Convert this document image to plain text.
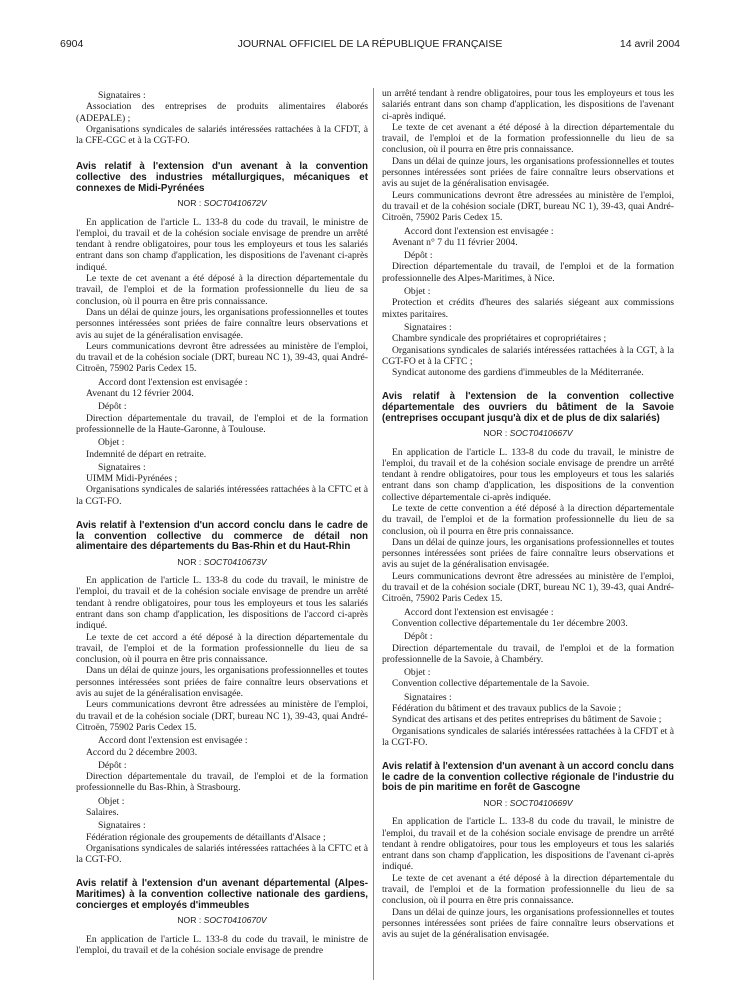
6904	JOURNAL OFFICIEL DE LA RÉPUBLIQUE FRANÇAISE	14 avril 2004

Signataires :

Association des entreprises de produits alimentaires élaborés (ADEPALE) ;

Organisations syndicales de salariés intéressées rattachées à la CFDT, à la CFE-CGC et à la CGT-FO.

Avis relatif à l'extension d'un avenant à la convention collective des industries métallurgiques, mécaniques et connexes de Midi-Pyrénées
NOR : SOCT0410672V

En application de l'article L. 133-8 du code du travail, le ministre de l'emploi, du travail et de la cohésion sociale envisage de prendre un arrêté tendant à rendre obligatoires, pour tous les employeurs et tous les salariés entrant dans son champ d'application, les dispositions de l'avenant ci-après indiqué.

Le texte de cet avenant a été déposé à la direction départementale du travail, de l'emploi et de la formation professionnelle du lieu de sa conclusion, où il pourra en être pris connaissance.

Dans un délai de quinze jours, les organisations professionnelles et toutes personnes intéressées sont priées de faire connaître leurs observations et avis au sujet de la généralisation envisagée.

Leurs communications devront être adressées au ministère de l'emploi, du travail et de la cohésion sociale (DRT, bureau NC 1), 39-43, quai André-Citroën, 75902 Paris Cedex 15.

Accord dont l'extension est envisagée :

Avenant du 12 février 2004.

Dépôt :

Direction départementale du travail, de l'emploi et de la formation professionnelle de la Haute-Garonne, à Toulouse.

Objet :

Indemnité de départ en retraite.

Signataires :

UIMM Midi-Pyrénées ;

Organisations syndicales de salariés intéressées rattachées à la CFTC et à la CGT-FO.

Avis relatif à l'extension d'un accord conclu dans le cadre de la convention collective du commerce de détail non alimentaire des départements du Bas-Rhin et du Haut-Rhin
NOR : SOCT0410673V

En application de l'article L. 133-8 du code du travail, le ministre de l'emploi, du travail et de la cohésion sociale envisage de prendre un arrêté tendant à rendre obligatoires, pour tous les employeurs et tous les salariés entrant dans son champ d'application, les dispositions de l'accord ci-après indiqué.

Le texte de cet accord a été déposé à la direction départementale du travail, de l'emploi et de la formation professionnelle du lieu de sa conclusion, où il pourra en être pris connaissance.

Dans un délai de quinze jours, les organisations professionnelles et toutes personnes intéressées sont priées de faire connaître leurs observations et avis au sujet de la généralisation envisagée.

Leurs communications devront être adressées au ministère de l'emploi, du travail et de la cohésion sociale (DRT, bureau NC 1), 39-43, quai André-Citroën, 75902 Paris Cedex 15.

Accord dont l'extension est envisagée :

Accord du 2 décembre 2003.

Dépôt :

Direction départementale du travail, de l'emploi et de la formation professionnelle du Bas-Rhin, à Strasbourg.

Objet :

Salaires.

Signataires :

Fédération régionale des groupements de détaillants d'Alsace ;

Organisations syndicales de salariés intéressées rattachées à la CFTC et à la CGT-FO.

Avis relatif à l'extension d'un avenant départemental (Alpes-Maritimes) à la convention collective nationale des gardiens, concierges et employés d'immeubles
NOR : SOCT0410670V

En application de l'article L. 133-8 du code du travail, le ministre de l'emploi, du travail et de la cohésion sociale envisage de prendre

un arrêté tendant à rendre obligatoires, pour tous les employeurs et tous les salariés entrant dans son champ d'application, les dispositions de l'avenant ci-après indiqué.

Le texte de cet avenant a été déposé à la direction départementale du travail, de l'emploi et de la formation professionnelle du lieu de sa conclusion, où il pourra en être pris connaissance.

Dans un délai de quinze jours, les organisations professionnelles et toutes personnes intéressées sont priées de faire connaître leurs observations et avis au sujet de la généralisation envisagée.

Leurs communications devront être adressées au ministère de l'emploi, du travail et de la cohésion sociale (DRT, bureau NC 1), 39-43, quai André-Citroën, 75902 Paris Cedex 15.

Accord dont l'extension est envisagée :

Avenant n° 7 du 11 février 2004.

Dépôt :

Direction départementale du travail, de l'emploi et de la formation professionnelle des Alpes-Maritimes, à Nice.

Objet :

Protection et crédits d'heures des salariés siégeant aux commissions mixtes paritaires.

Signataires :

Chambre syndicale des propriétaires et copropriétaires ;

Organisations syndicales de salariés intéressées rattachées à la CGT, à la CGT-FO et à la CFTC ;

Syndicat autonome des gardiens d'immeubles de la Méditerranée.

Avis relatif à l'extension de la convention collective départementale des ouvriers du bâtiment de la Savoie (entreprises occupant jusqu'à dix et de plus de dix salariés)
NOR : SOCT0410667V

En application de l'article L. 133-8 du code du travail, le ministre de l'emploi, du travail et de la cohésion sociale envisage de prendre un arrêté tendant à rendre obligatoires, pour tous les employeurs et tous les salariés entrant dans son champ d'application, les dispositions de la convention collective départementale ci-après indiquée.

Le texte de cette convention a été déposé à la direction départementale du travail, de l'emploi et de la formation professionnelle du lieu de sa conclusion, où il pourra en être pris connaissance.

Dans un délai de quinze jours, les organisations professionnelles et toutes personnes intéressées sont priées de faire connaître leurs observations et avis au sujet de la généralisation envisagée.

Leurs communications devront être adressées au ministère de l'emploi, du travail et de la cohésion sociale (DRT, bureau NC 1), 39-43, quai André-Citroën, 75902 Paris Cedex 15.

Accord dont l'extension est envisagée :

Convention collective départementale du 1er décembre 2003.

Dépôt :

Direction départementale du travail, de l'emploi et de la formation professionnelle de la Savoie, à Chambéry.

Objet :

Convention collective départementale de la Savoie.

Signataires :

Fédération du bâtiment et des travaux publics de la Savoie ;

Syndicat des artisans et des petites entreprises du bâtiment de Savoie ;

Organisations syndicales de salariés intéressées rattachées à la CFDT et à la CGT-FO.

Avis relatif à l'extension d'un avenant à un accord conclu dans le cadre de la convention collective régionale de l'industrie du bois de pin maritime en forêt de Gascogne
NOR : SOCT0410669V

En application de l'article L. 133-8 du code du travail, le ministre de l'emploi, du travail et de la cohésion sociale envisage de prendre un arrêté tendant à rendre obligatoires, pour tous les employeurs et tous les salariés entrant dans son champ d'application, les dispositions de l'avenant ci-après indiqué.

Le texte de cet avenant a été déposé à la direction départementale du travail, de l'emploi et de la formation professionnelle du lieu de sa conclusion, où il pourra en être pris connaissance.

Dans un délai de quinze jours, les organisations professionnelles et toutes personnes intéressées sont priées de faire connaître leurs observations et avis au sujet de la généralisation envisagée.
